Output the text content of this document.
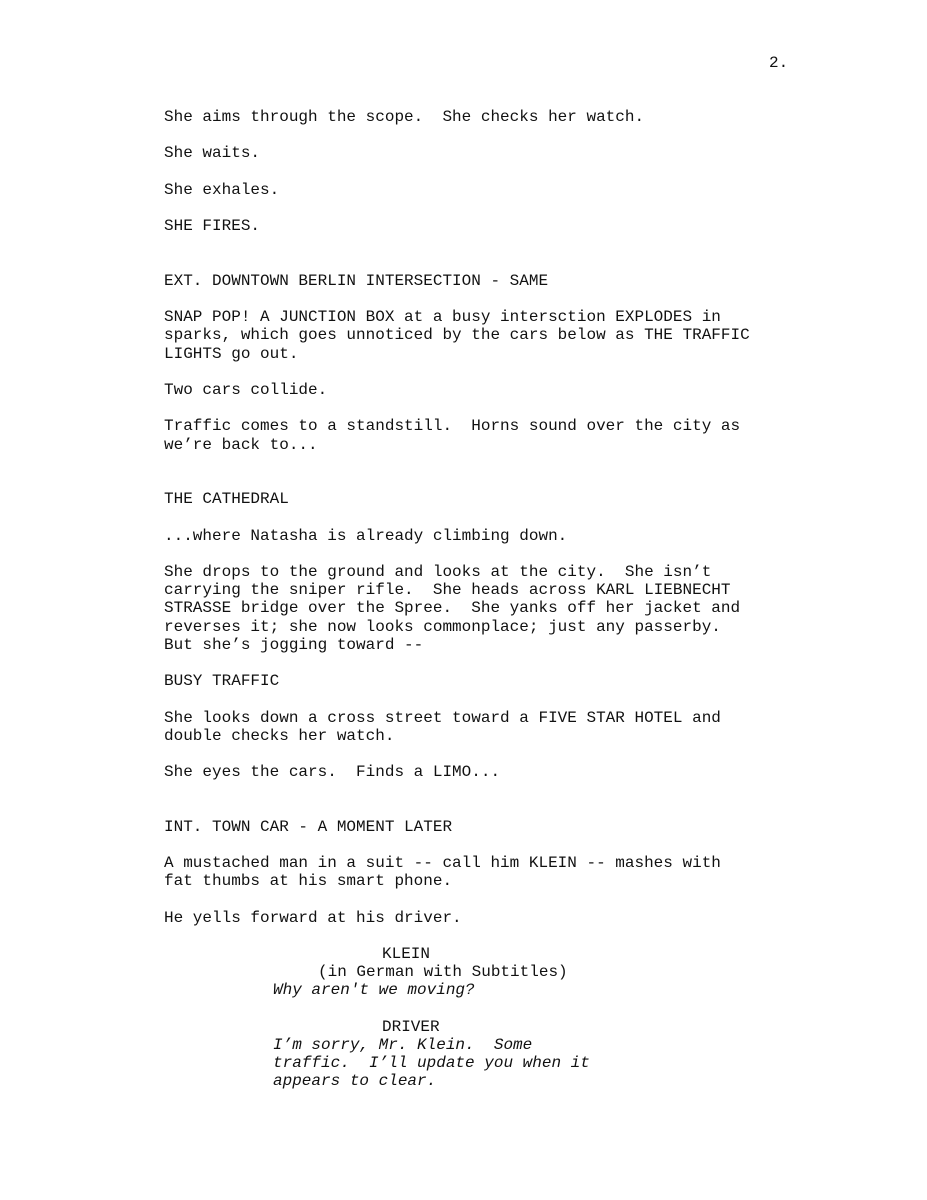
2.

She aims through the scope.  She checks her watch.

She waits.

She exhales.

SHE FIRES.

EXT. DOWNTOWN BERLIN INTERSECTION - SAME

SNAP POP! A JUNCTION BOX at a busy intersction EXPLODES in
sparks, which goes unnoticed by the cars below as THE TRAFFIC
LIGHTS go out.

Two cars collide.

Traffic comes to a standstill.  Horns sound over the city as
we’re back to...

THE CATHEDRAL

...where Natasha is already climbing down.

She drops to the ground and looks at the city.  She isn’t
carrying the sniper rifle.  She heads across KARL LIEBNECHT
STRASSE bridge over the Spree.  She yanks off her jacket and
reverses it; she now looks commonplace; just any passerby.
But she’s jogging toward --

BUSY TRAFFIC

She looks down a cross street toward a FIVE STAR HOTEL and
double checks her watch.

She eyes the cars.  Finds a LIMO...

INT. TOWN CAR - A MOMENT LATER

A mustached man in a suit -- call him KLEIN -- mashes with
fat thumbs at his smart phone.

He yells forward at his driver.

KLEIN
(in German with Subtitles)
Why aren't we moving?
DRIVER
I’m sorry, Mr. Klein.  Some
traffic.  I’ll update you when it
appears to clear.
